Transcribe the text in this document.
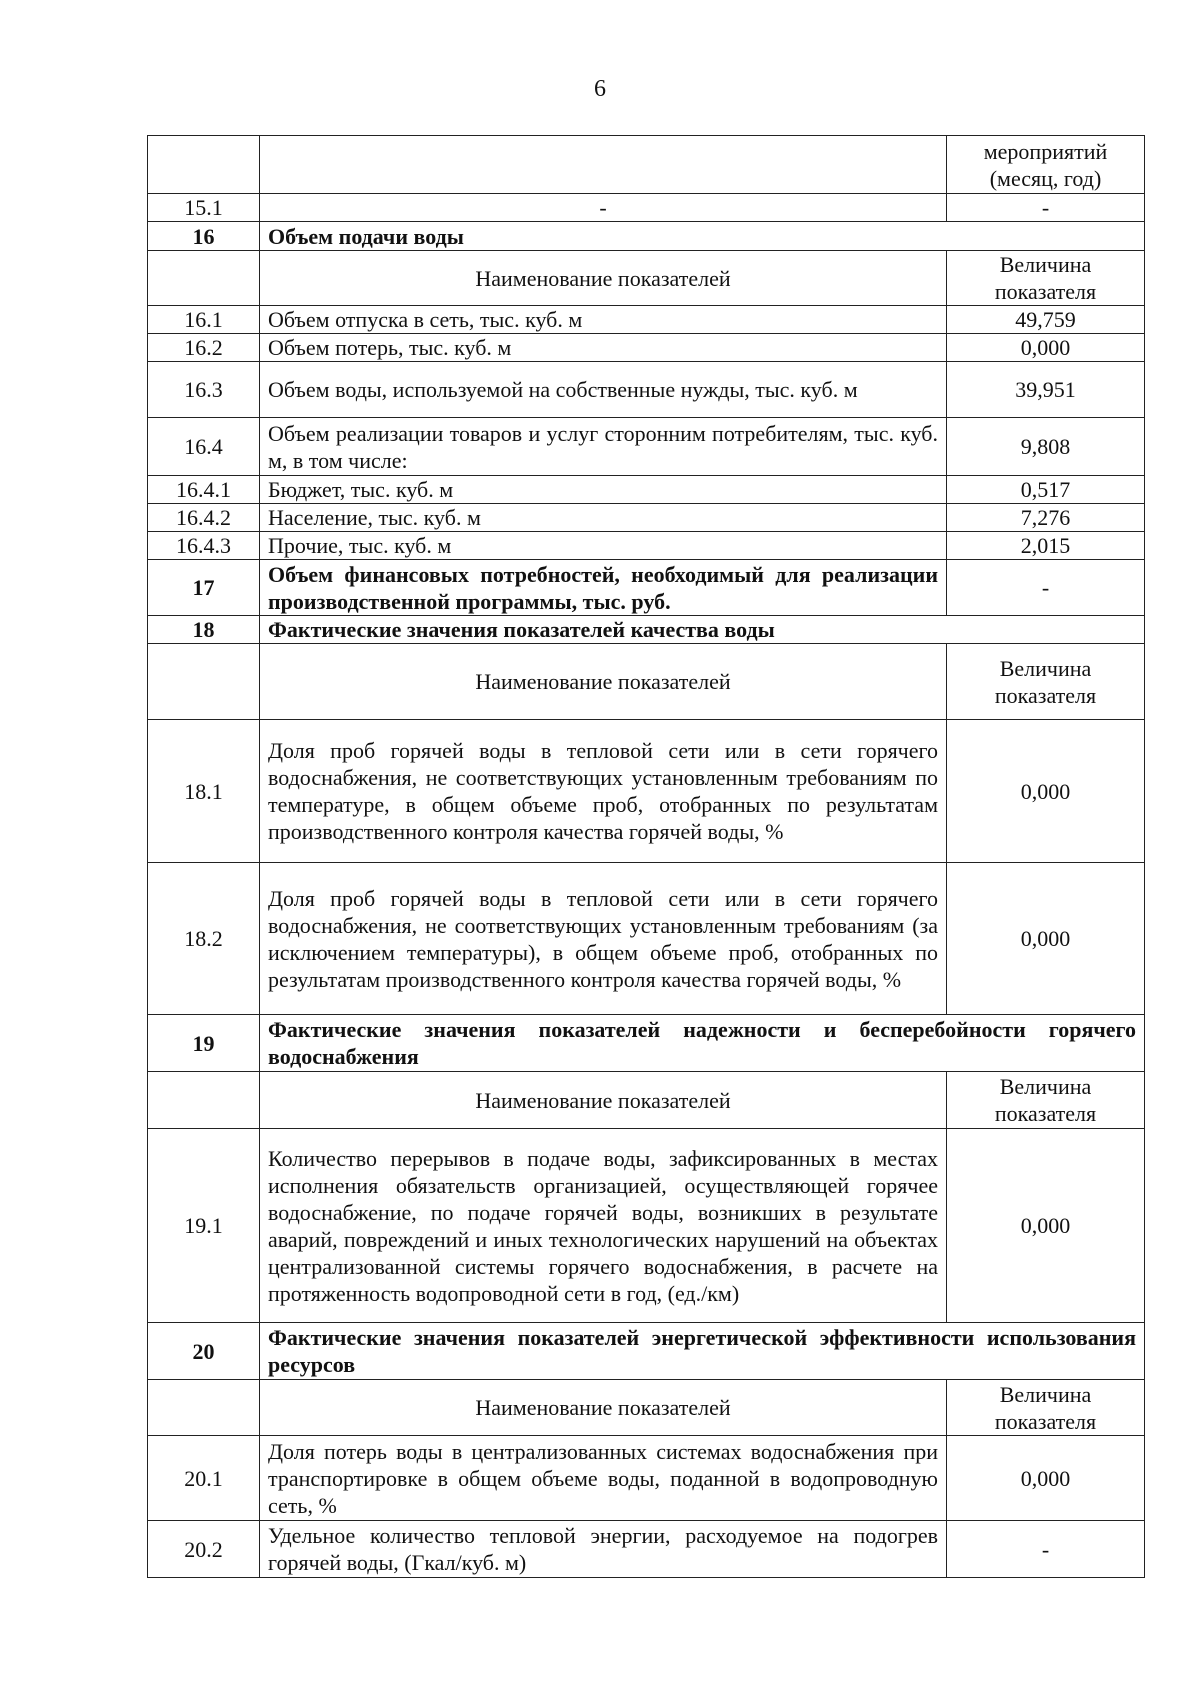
6
		мероприятий (месяц, год)
15.1	-	-
16	Объем подачи воды	
	Наименование показателей	Величина показателя
16.1	Объем отпуска в сеть, тыс. куб. м	49,759
16.2	Объем потерь, тыс. куб. м	0,000
16.3	Объем воды, используемой на собственные нужды, тыс. куб. м	39,951
16.4	Объем реализации товаров и услуг сторонним потребителям, тыс. куб. м, в том числе:	9,808
16.4.1	Бюджет, тыс. куб. м	0,517
16.4.2	Население, тыс. куб. м	7,276
16.4.3	Прочие, тыс. куб. м	2,015
17	Объем финансовых потребностей, необходимый для реализации производственной программы, тыс. руб.	-
18	Фактические значения показателей качества воды	
	Наименование показателей	Величина показателя
18.1	Доля проб горячей воды в тепловой сети или в сети горячего водоснабжения, не соответствующих установленным требованиям по температуре, в общем объеме проб, отобранных по результатам производственного контроля качества горячей воды, %	0,000
18.2	Доля проб горячей воды в тепловой сети или в сети горячего водоснабжения, не соответствующих установленным требованиям (за исключением температуры), в общем объеме проб, отобранных по результатам производственного контроля качества горячей воды, %	0,000
19	Фактические значения показателей надежности и бесперебойности горячего водоснабжения	
	Наименование показателей	Величина показателя
19.1	Количество перерывов в подаче воды, зафиксированных в местах исполнения обязательств организацией, осуществляющей горячее водоснабжение, по подаче горячей воды, возникших в результате аварий, повреждений и иных технологических нарушений на объектах централизованной системы горячего водоснабжения, в расчете на протяженность водопроводной сети в год, (ед./км)	0,000
20	Фактические значения показателей энергетической эффективности использования ресурсов	
	Наименование показателей	Величина показателя
20.1	Доля потерь воды в централизованных системах водоснабжения при транспортировке в общем объеме воды, поданной в водопроводную сеть, %	0,000
20.2	Удельное количество тепловой энергии, расходуемое на подогрев горячей воды, (Гкал/куб. м)	-
